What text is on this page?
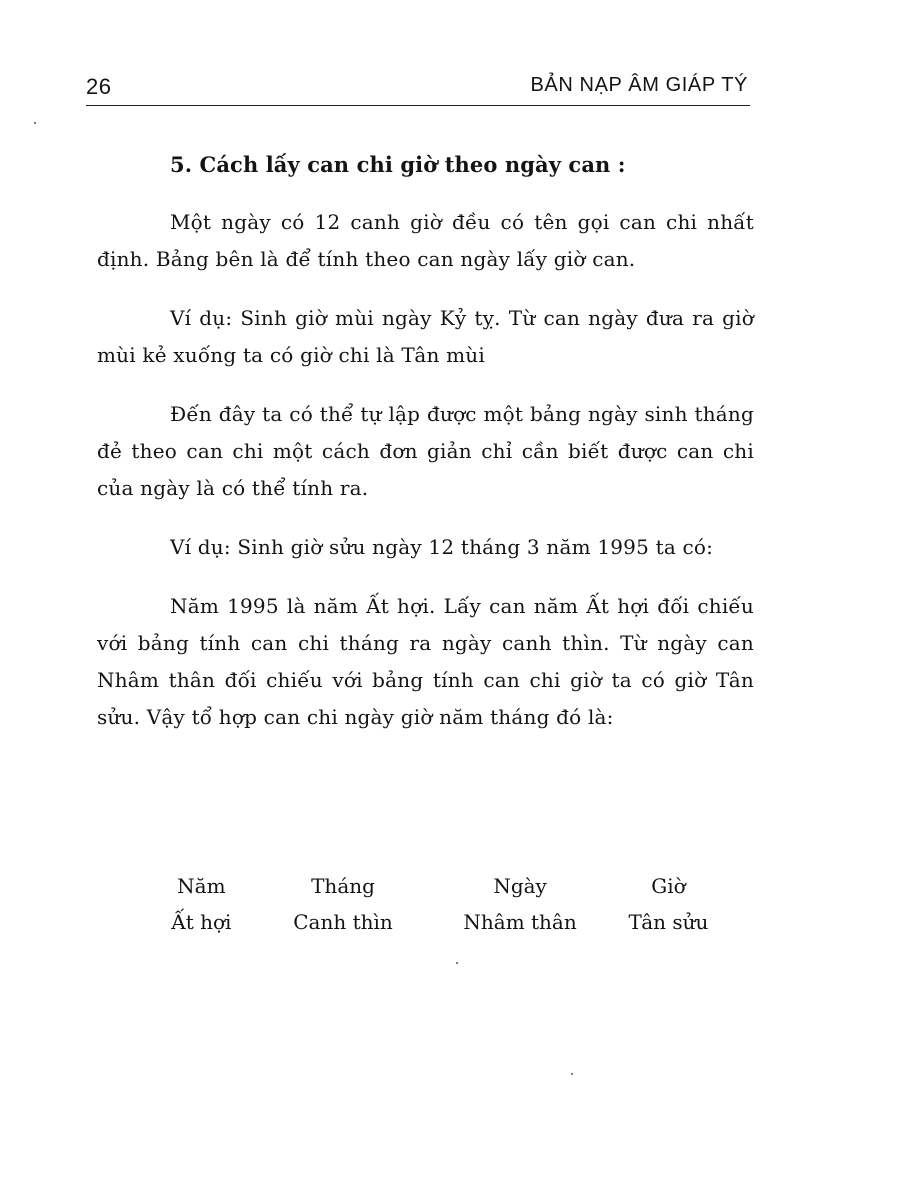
26	BẢN NẠP ÂM GIÁP TÝ
5. Cách lấy can chi giờ theo ngày can :

Một ngày có 12 canh giờ đều có tên gọi can chi nhất định. Bảng bên là để tính theo can ngày lấy giờ can.

Ví dụ: Sinh giờ mùi ngày Kỷ tỵ. Từ can ngày đưa ra giờ mùi kẻ xuống ta có giờ chi là Tân mùi

Đến đây ta có thể tự lập được một bảng ngày sinh tháng đẻ theo can chi một cách đơn giản chỉ cần biết được can chi của ngày là có thể tính ra.

Ví dụ: Sinh giờ sửu ngày 12 tháng 3 năm 1995 ta có:

Năm 1995 là năm Ất hợi. Lấy can năm Ất hợi đối chiếu với bảng tính can chi tháng ra ngày canh thìn. Từ ngày can Nhâm thân đối chiếu với bảng tính can chi giờ ta có giờ Tân sửu. Vậy tổ hợp can chi ngày giờ năm tháng đó là:

Năm	Tháng	Ngày	Giờ
Ất hợi	Canh thìn	Nhâm thân	Tân sửu
